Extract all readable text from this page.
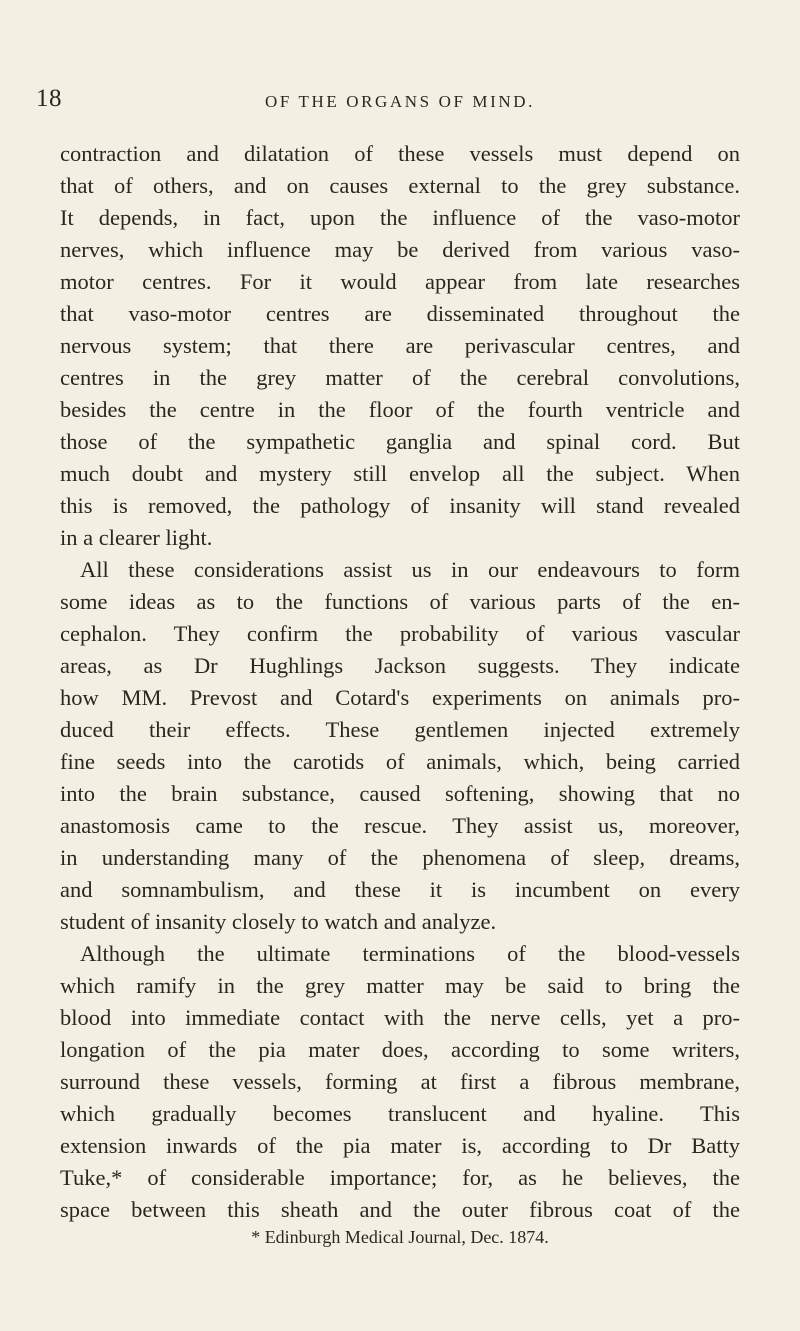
18	OF THE ORGANS OF MIND.
contraction and dilatation of these vessels must depend on
that of others, and on causes external to the grey substance.
It depends, in fact, upon the influence of the vaso-motor
nerves, which influence may be derived from various vaso-
motor centres. For it would appear from late researches
that vaso-motor centres are disseminated throughout the
nervous system; that there are perivascular centres, and
centres in the grey matter of the cerebral convolutions,
besides the centre in the floor of the fourth ventricle and
those of the sympathetic ganglia and spinal cord. But
much doubt and mystery still envelop all the subject. When
this is removed, the pathology of insanity will stand revealed
in a clearer light.
All these considerations assist us in our endeavours to form
some ideas as to the functions of various parts of the en-
cephalon. They confirm the probability of various vascular
areas, as Dr Hughlings Jackson suggests. They indicate
how MM. Prevost and Cotard's experiments on animals pro-
duced their effects. These gentlemen injected extremely
fine seeds into the carotids of animals, which, being carried
into the brain substance, caused softening, showing that no
anastomosis came to the rescue. They assist us, moreover,
in understanding many of the phenomena of sleep, dreams,
and somnambulism, and these it is incumbent on every
student of insanity closely to watch and analyze.
Although the ultimate terminations of the blood-vessels
which ramify in the grey matter may be said to bring the
blood into immediate contact with the nerve cells, yet a pro-
longation of the pia mater does, according to some writers,
surround these vessels, forming at first a fibrous membrane,
which gradually becomes translucent and hyaline. This
extension inwards of the pia mater is, according to Dr Batty
Tuke,* of considerable importance; for, as he believes, the
space between this sheath and the outer fibrous coat of the
* Edinburgh Medical Journal, Dec. 1874.
